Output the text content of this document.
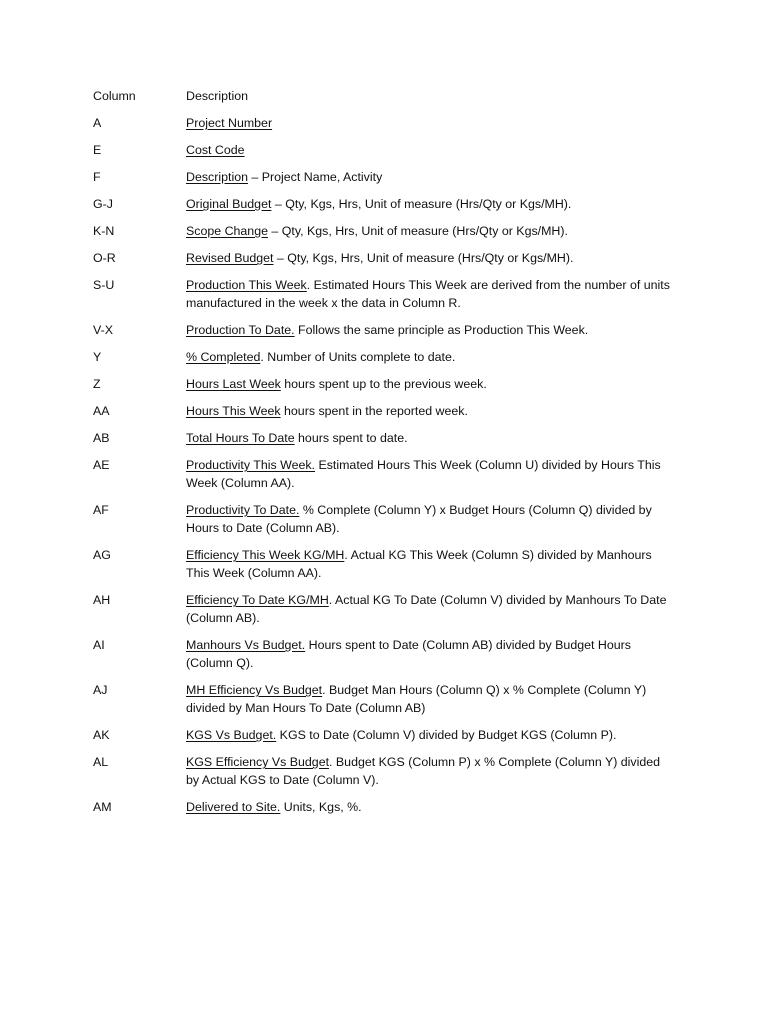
Column	Description
A	Project Number
E	Cost Code
F	Description – Project Name, Activity
G-J	Original Budget – Qty, Kgs, Hrs, Unit of measure (Hrs/Qty or Kgs/MH).
K-N	Scope Change – Qty, Kgs, Hrs, Unit of measure (Hrs/Qty or Kgs/MH).
O-R	Revised Budget – Qty, Kgs, Hrs, Unit of measure (Hrs/Qty or Kgs/MH).
S-U	Production This Week. Estimated Hours This Week are derived from the number of units manufactured in the week x the data in Column R.
V-X	Production To Date. Follows the same principle as Production This Week.
Y	% Completed. Number of Units complete to date.
Z	Hours Last Week hours spent up to the previous week.
AA	Hours This Week hours spent in the reported week.
AB	Total Hours To Date hours spent to date.
AE	Productivity This Week. Estimated Hours This Week (Column U) divided by Hours This Week (Column AA).
AF	Productivity To Date. % Complete (Column Y) x Budget Hours (Column Q) divided by Hours to Date (Column AB).
AG	Efficiency This Week KG/MH. Actual KG This Week (Column S) divided by Manhours This Week (Column AA).
AH	Efficiency To Date KG/MH. Actual KG To Date (Column V) divided by Manhours To Date (Column AB).
AI	Manhours Vs Budget. Hours spent to Date (Column AB) divided by Budget Hours (Column Q).
AJ	MH Efficiency Vs Budget. Budget Man Hours (Column Q) x % Complete (Column Y) divided by Man Hours To Date (Column AB)
AK	KGS Vs Budget. KGS to Date (Column V) divided by Budget KGS (Column P).
AL	KGS Efficiency Vs Budget. Budget KGS (Column P) x % Complete (Column Y) divided by Actual KGS to Date (Column V).
AM	Delivered to Site. Units, Kgs, %.
